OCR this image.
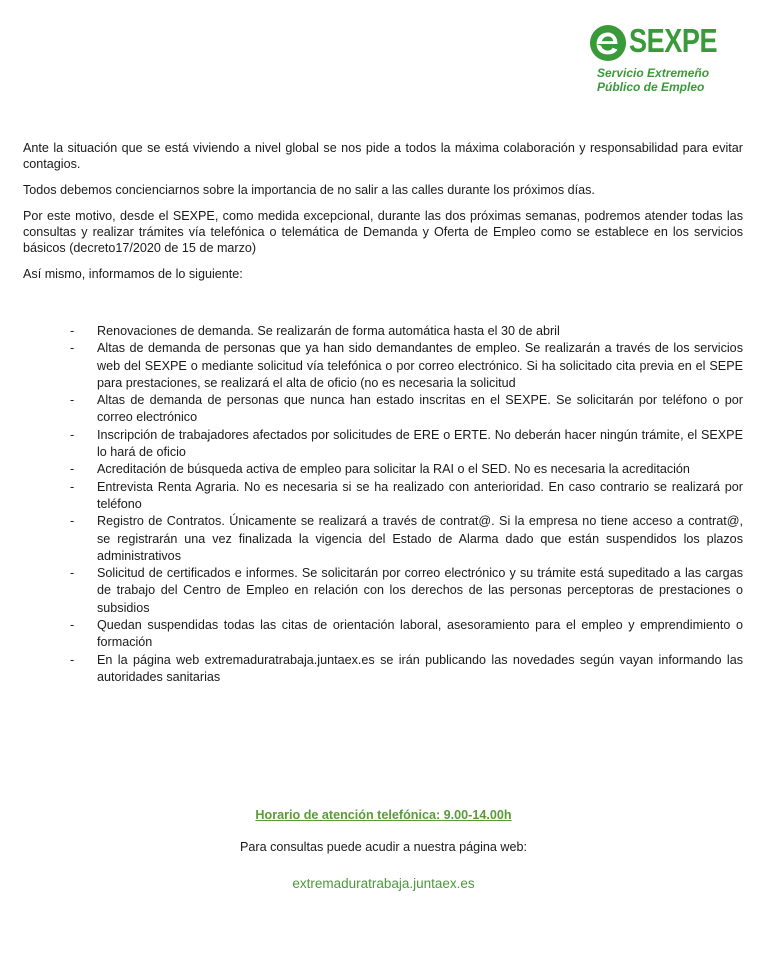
SEXPE
Servicio Extremeño
Público de Empleo

Ante la situación que se está viviendo a nivel global se nos pide a todos la máxima colaboración y responsabilidad para evitar contagios.

Todos debemos concienciarnos sobre la importancia de no salir a las calles durante los próximos días.

Por este motivo, desde el SEXPE, como medida excepcional, durante las dos próximas semanas, podremos atender todas las consultas y realizar trámites vía telefónica o telemática de Demanda y Oferta de Empleo como se establece en los servicios básicos (decreto17/2020 de 15 de marzo)

Así mismo, informamos de lo siguiente:

- Renovaciones de demanda. Se realizarán de forma automática hasta el 30 de abril
- Altas de demanda de personas que ya han sido demandantes de empleo. Se realizarán a través de los servicios web del SEXPE o mediante solicitud vía telefónica o por correo electrónico. Si ha solicitado cita previa en el SEPE para prestaciones, se realizará el alta de oficio (no es necesaria la solicitud
- Altas de demanda de personas que nunca han estado inscritas en el SEXPE. Se solicitarán por teléfono o por correo electrónico
- Inscripción de trabajadores afectados por solicitudes de ERE o ERTE. No deberán hacer ningún trámite, el SEXPE lo hará de oficio
- Acreditación de búsqueda activa de empleo para solicitar la RAI o el SED. No es necesaria la acreditación
- Entrevista Renta Agraria. No es necesaria si se ha realizado con anterioridad. En caso contrario se realizará por teléfono
- Registro de Contratos. Únicamente se realizará a través de contrat@. Si la empresa no tiene acceso a contrat@, se registrarán una vez finalizada la vigencia del Estado de Alarma dado que están suspendidos los plazos administrativos
- Solicitud de certificados e informes. Se solicitarán por correo electrónico y su trámite está supeditado a las cargas de trabajo del Centro de Empleo en relación con los derechos de las personas perceptoras de prestaciones o subsidios
- Quedan suspendidas todas las citas de orientación laboral, asesoramiento para el empleo y emprendimiento o formación
- En la página web extremaduratrabaja.juntaex.es se irán publicando las novedades según vayan informando las autoridades sanitarias
Horario de atención telefónica: 9.00-14.00h
Para consultas puede acudir a nuestra página web:
extremaduratrabaja.juntaex.es
